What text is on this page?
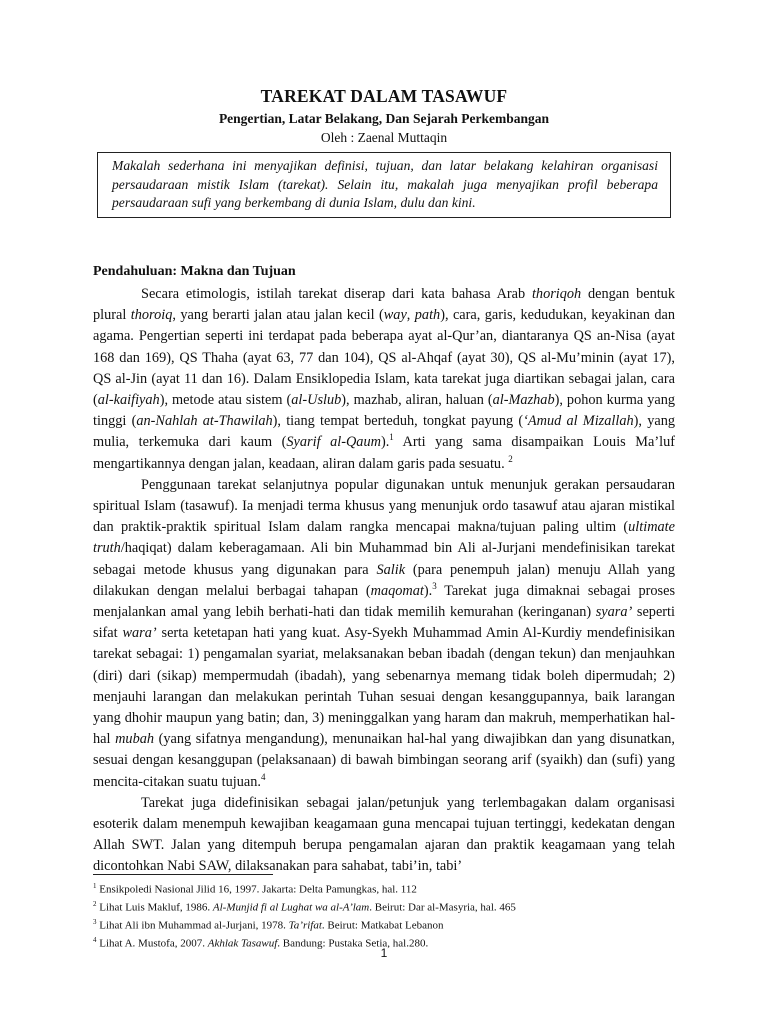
TAREKAT DALAM TASAWUF
Pengertian, Latar Belakang, Dan Sejarah Perkembangan
Oleh : Zaenal Muttaqin
Makalah sederhana ini menyajikan definisi, tujuan, dan latar belakang kelahiran organisasi persaudaraan mistik Islam (tarekat). Selain itu, makalah juga menyajikan profil beberapa persaudaraan sufi yang berkembang di dunia Islam, dulu dan kini.
Pendahuluan: Makna dan Tujuan

Secara etimologis, istilah tarekat diserap dari kata bahasa Arab thoriqoh dengan bentuk plural thoroiq, yang berarti jalan atau jalan kecil (way, path), cara, garis, kedudukan, keyakinan dan agama. Pengertian seperti ini terdapat pada beberapa ayat al-Qur’an, diantaranya QS an-Nisa (ayat 168 dan 169), QS Thaha (ayat 63, 77 dan 104), QS al-Ahqaf (ayat 30), QS al-Mu’minin (ayat 17), QS al-Jin (ayat 11 dan 16). Dalam Ensiklopedia Islam, kata tarekat juga diartikan sebagai jalan, cara (al-kaifiyah), metode atau sistem (al-Uslub), mazhab, aliran, haluan (al-Mazhab), pohon kurma yang tinggi (an-Nahlah at-Thawilah), tiang tempat berteduh, tongkat payung (‘Amud al Mizallah), yang mulia, terkemuka dari kaum (Syarif al-Qaum).$^1$ Arti yang sama disampaikan Louis Ma’luf mengartikannya dengan jalan, keadaan, aliran dalam garis pada sesuatu. $^2$

Penggunaan tarekat selanjutnya popular digunakan untuk menunjuk gerakan persaudaran spiritual Islam (tasawuf). Ia menjadi terma khusus yang menunjuk ordo tasawuf atau ajaran mistikal dan praktik-praktik spiritual Islam dalam rangka mencapai makna/tujuan paling ultim (ultimate truth/haqiqat) dalam keberagamaan. Ali bin Muhammad bin Ali al-Jurjani mendefinisikan tarekat sebagai metode khusus yang digunakan para Salik (para penempuh jalan) menuju Allah yang dilakukan dengan melalui berbagai tahapan (maqomat).$^3$ Tarekat juga dimaknai sebagai proses menjalankan amal yang lebih berhati-hati dan tidak memilih kemurahan (keringanan) syara’ seperti sifat wara’ serta ketetapan hati yang kuat. Asy-Syekh Muhammad Amin Al-Kurdiy mendefinisikan tarekat sebagai: 1) pengamalan syariat, melaksanakan beban ibadah (dengan tekun) dan menjauhkan (diri) dari (sikap) mempermudah (ibadah), yang sebenarnya memang tidak boleh dipermudah; 2) menjauhi larangan dan melakukan perintah Tuhan sesuai dengan kesanggupannya, baik larangan yang dhohir maupun yang batin; dan, 3) meninggalkan yang haram dan makruh, memperhatikan hal-hal mubah (yang sifatnya mengandung), menunaikan hal-hal yang diwajibkan dan yang disunatkan, sesuai dengan kesanggupan (pelaksanaan) di bawah bimbingan seorang arif (syaikh) dan (sufi) yang mencita-citakan suatu tujuan.$^4$

Tarekat juga didefinisikan sebagai jalan/petunjuk yang terlembagakan dalam organisasi esoterik dalam menempuh kewajiban keagamaan guna mencapai tujuan tertinggi, kedekatan dengan Allah SWT. Jalan yang ditempuh berupa pengamalan ajaran dan praktik keagamaan yang telah dicontohkan Nabi SAW, dilaksanakan para sahabat, tabi’in, tabi’

$^1$ Ensikpoledi Nasional Jilid 16, 1997. Jakarta: Delta Pamungkas, hal. 112
$^2$ Lihat Luis Makluf, 1986. Al-Munjid fi al Lughat wa al-A’lam. Beirut: Dar al-Masyria, hal. 465
$^3$ Lihat Ali ibn Muhammad al-Jurjani, 1978. Ta’rifat. Beirut: Matkabat Lebanon
$^4$ Lihat A. Mustofa, 2007. Akhlak Tasawuf. Bandung: Pustaka Setia, hal.280.
1
